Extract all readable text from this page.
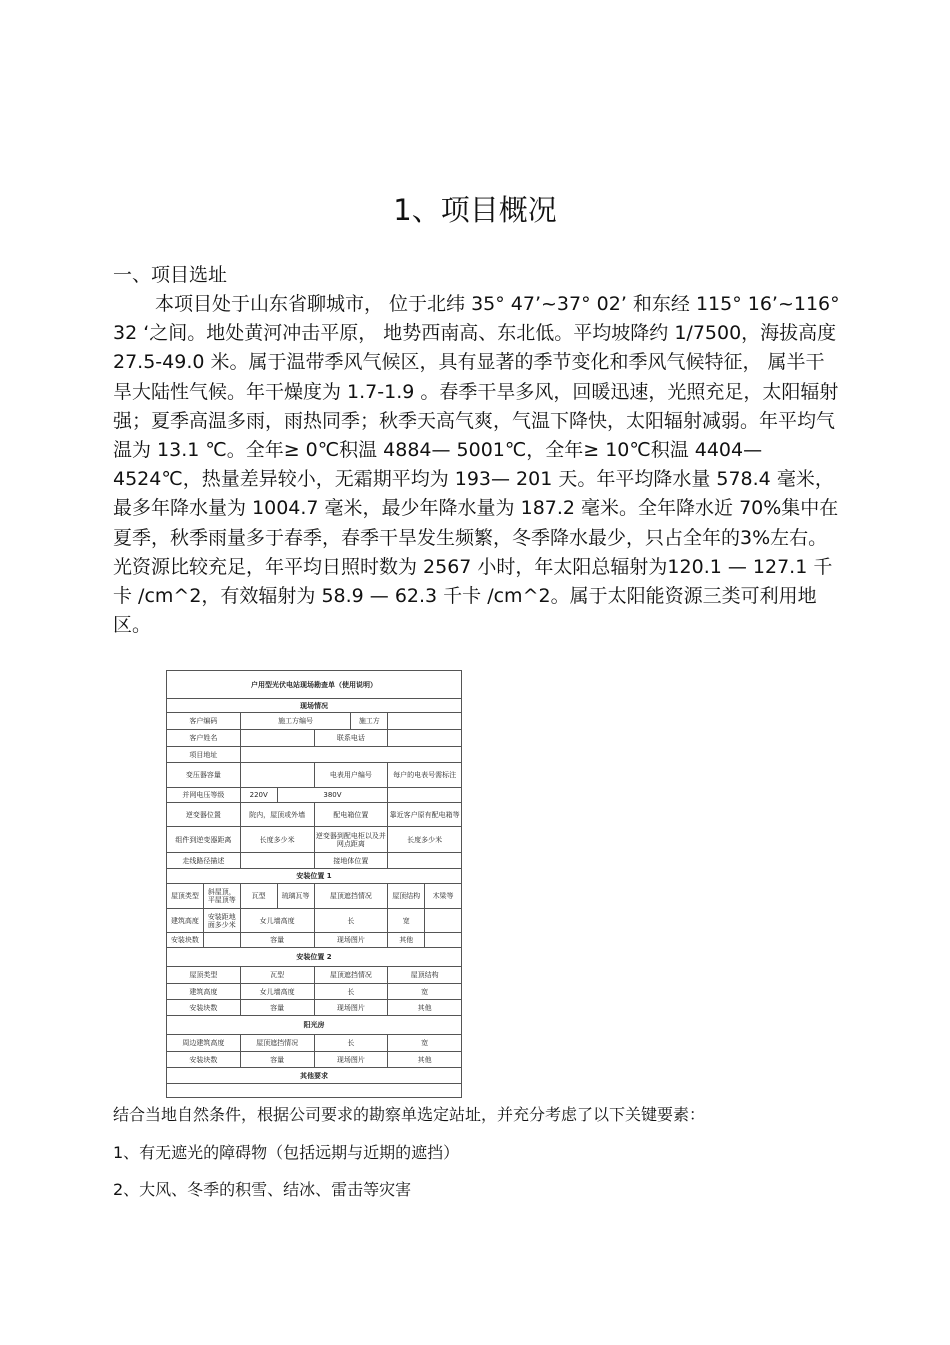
1、项目概况
一、项目选址
本项目处于山东省聊城市， 位于北纬 35° 47’~37° 02’ 和东经 115° 16’~116° 32 ‘之间。地处黄河冲击平原， 地势西南高、东北低。平均坡降约 1/7500，海拔高度 27.5-49.0 米。属于温带季风气候区，具有显著的季节变化和季风气候特征， 属半干旱大陆性气候。年干燥度为 1.7-1.9 。春季干旱多风，回暖迅速，光照充足，太阳辐射强；夏季高温多雨，雨热同季；秋季天高气爽，气温下降快，太阳辐射减弱。年平均气温为 13.1 ℃。全年≥ 0℃积温 4884— 5001℃，全年≥ 10℃积温 4404— 4524℃，热量差异较小，无霜期平均为 193— 201 天。年平均降水量 578.4 毫米，最多年降水量为 1004.7 毫米，最少年降水量为 187.2 毫米。全年降水近 70%集中在夏季，秋季雨量多于春季，春季干旱发生频繁，冬季降水最少，只占全年的3%左右。光资源比较充足，年平均日照时数为 2567 小时，年太阳总辐射为120.1 — 127.1 千卡 /cm^2，有效辐射为 58.9 — 62.3 千卡 /cm^2。属于太阳能资源三类可利用地区。
户用型光伏电站现场勘查单（使用说明）							
现场情况							
客户编码		施工方编号			施工方		
客户姓名				联系电话			
项目地址							
变压器容量				电表用户编号		每户的电表号需标注	
并网电压等级		220V	380V				
逆变器位置		院内，屋顶或外墙		配电箱位置		靠近客户原有配电箱等	
组件到逆变器距离		长度多少米		逆变器到配电柜以及并网点距离		长度多少米	
走线路径描述				接地体位置			
安装位置 1							
屋顶类型	斜屋顶，平屋顶等	瓦型	琉璃瓦等	屋顶遮挡情况		屋顶结构	木梁等
建筑高度	安装距地面多少米	女儿墙高度		长		宽	
安装块数		容量		现场图片		其他	
安装位置 2							
屋顶类型		瓦型		屋顶遮挡情况		屋顶结构	
建筑高度		女儿墙高度		长		宽	
安装块数		容量		现场图片		其他	
阳光房							
周边建筑高度		屋顶遮挡情况		长		宽	
安装块数		容量		现场图片		其他	
其他要求							

结合当地自然条件，根据公司要求的勘察单选定站址，并充分考虑了以下关键要素：
1、有无遮光的障碍物（包括远期与近期的遮挡）
2、大风、冬季的积雪、结冰、雷击等灾害
